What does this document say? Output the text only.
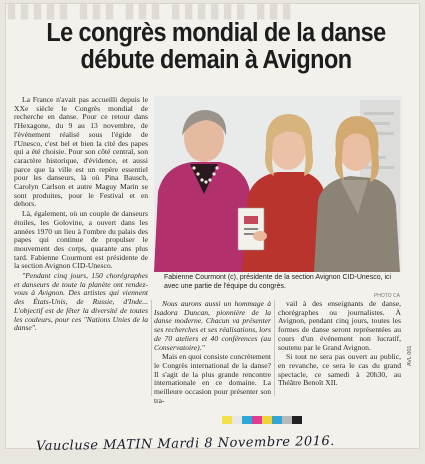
▮▮▮▮▮ ▮▮▮ ▮▮▮ ▮▮▮▮▮▮ ▮▮▮
Le congrès mondial de la danse débute demain à Avignon

La France n'avait pas accueilli depuis le XXe siècle le Congrès mondial de recherche en danse. Pour ce retour dans l'Hexagone, du 9 au 13 novembre, de l'événement réalisé sous l'égide de l'Unesco, c'est bel et bien la cité des papes qui a été choisie. Pour son côté central, son caractère historique, d'évidence, et aussi parce que la ville est un repère essentiel pour les danseurs, là où Pina Bausch, Carolyn Carlson et autre Maguy Marin se sont produites, pour le Festival et en dehors.

Là, également, où un couple de danseurs étoiles, les Golovine, a ouvert dans les années 1970 un lieu à l'ombre du palais des papes qui continue de propulser le mouvement des corps, quarante ans plus tard. Fabienne Courmont est présidente de la section Avignon CID-Unesco.

"Pendant cinq jours, 150 chorégraphes et danseurs de toute la planète ont rendez-vous à Avignon. Des artistes qui viennent des États-Unis, de Russie, d'Inde... L'objectif est de fêter la diversité de toutes les couleurs, pour ces "Nations Unies de la danse".

Fabienne Courmont (c), présidente de la section Avignon CID-Unesco, ici avec une partie de l'équipe du congrès.
PHOTO CA

Nous aurons aussi un hommage à Isadora Duncan, pionnière de la danse moderne. Chacun va présenter ses recherches et ses réalisations, lors de 70 ateliers et 40 conférences (au Conservatoire)."

Mais en quoi consiste concrètement le Congrès international de la danse? Il s'agit de la plus grande rencontre internationale en ce domaine. La meilleure occasion pour présenter son tra-

vail à des enseignants de danse, chorégraphes ou journalistes. À Avignon, pendant cinq jours, toutes les formes de danse seront représentées au cours d'un événement non lucratif, soutenu par le Grand Avignon.

Si tout ne sera pas ouvert au public, en revanche, ce sera le cas du grand spectacle, ce samedi à 20h30, au Théâtre Benoît XII.

AVL 001
Vaucluse MATIN Mardi 8 Novembre 2016.
